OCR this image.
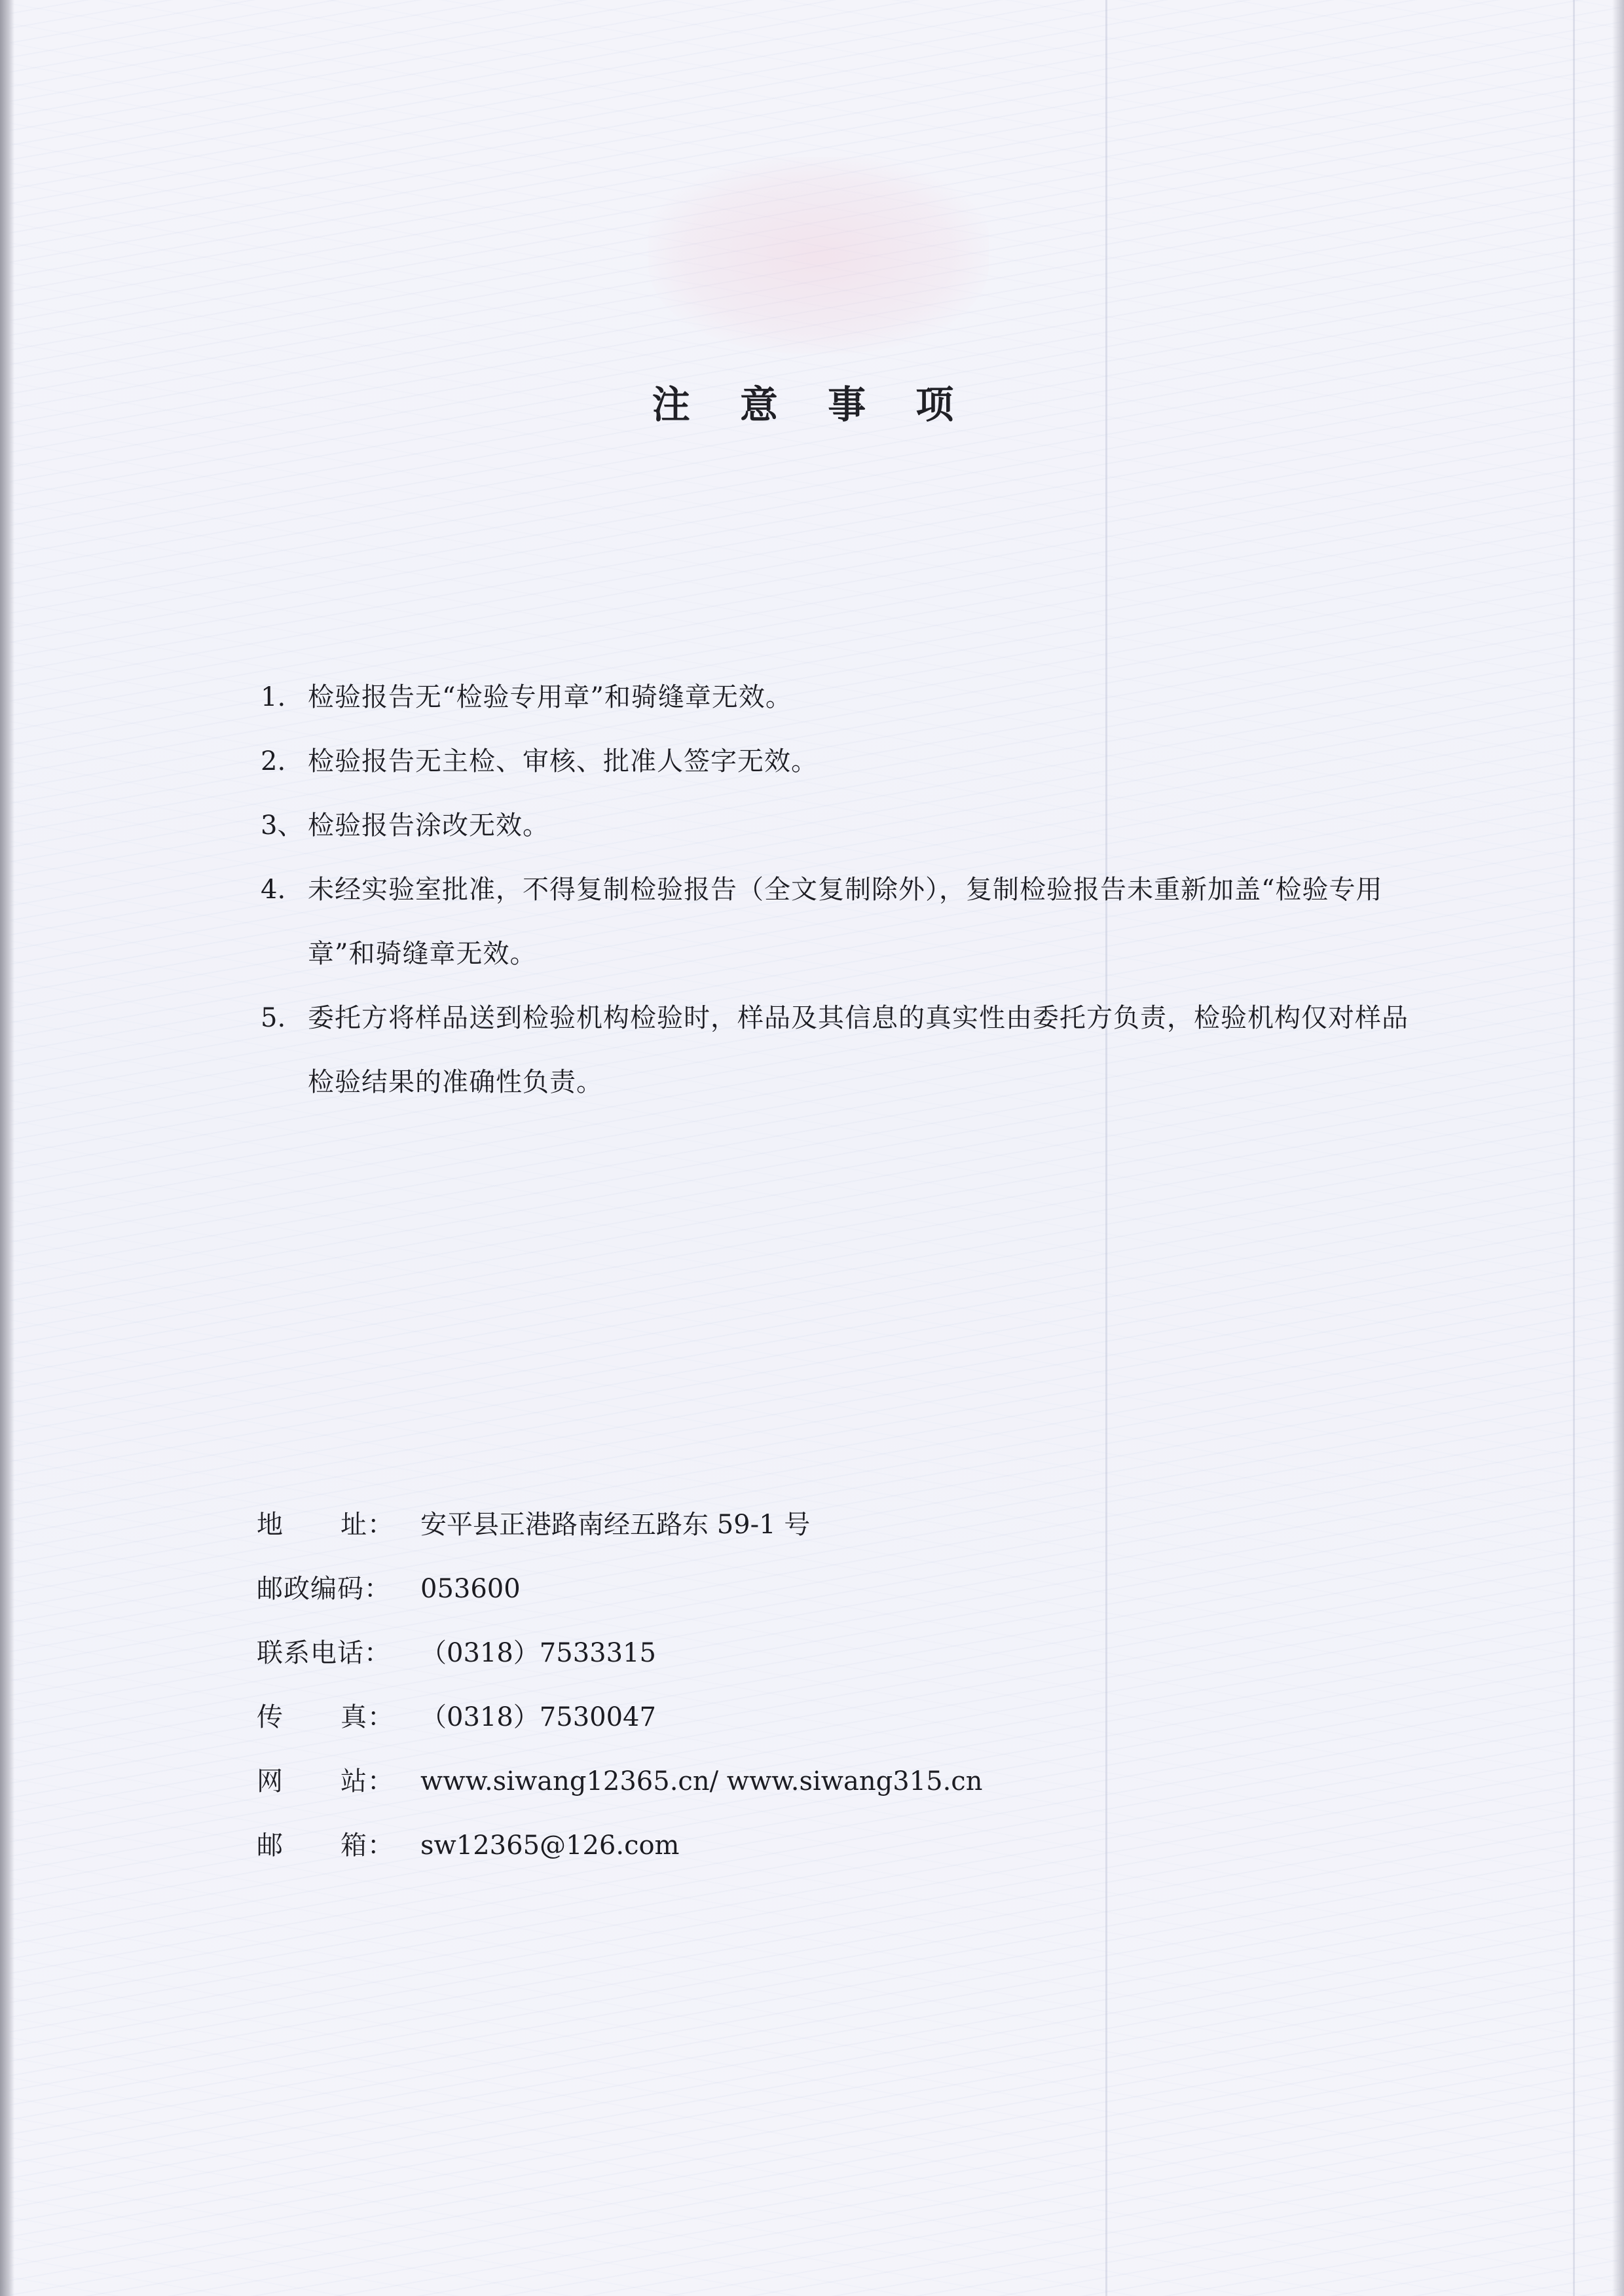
注 意 事 项
1. 检验报告无“检验专用章”和骑缝章无效。
2. 检验报告无主检、审核、批准人签字无效。
3、 检验报告涂改无效。
4. 未经实验室批准，不得复制检验报告（全文复制除外），复制检验报告未重新加盖“检验专用章”和骑缝章无效。
5. 委托方将样品送到检验机构检验时，样品及其信息的真实性由委托方负责，检验机构仅对样品检验结果的准确性负责。
地 址： 安平县正港路南经五路东 59-1 号
邮政编码：	053600
联系电话：	（0318）7533315
传 真： （0318）7530047
网 站： www.siwang12365.cn/ www.siwang315.cn
邮 箱： sw12365@126.com
